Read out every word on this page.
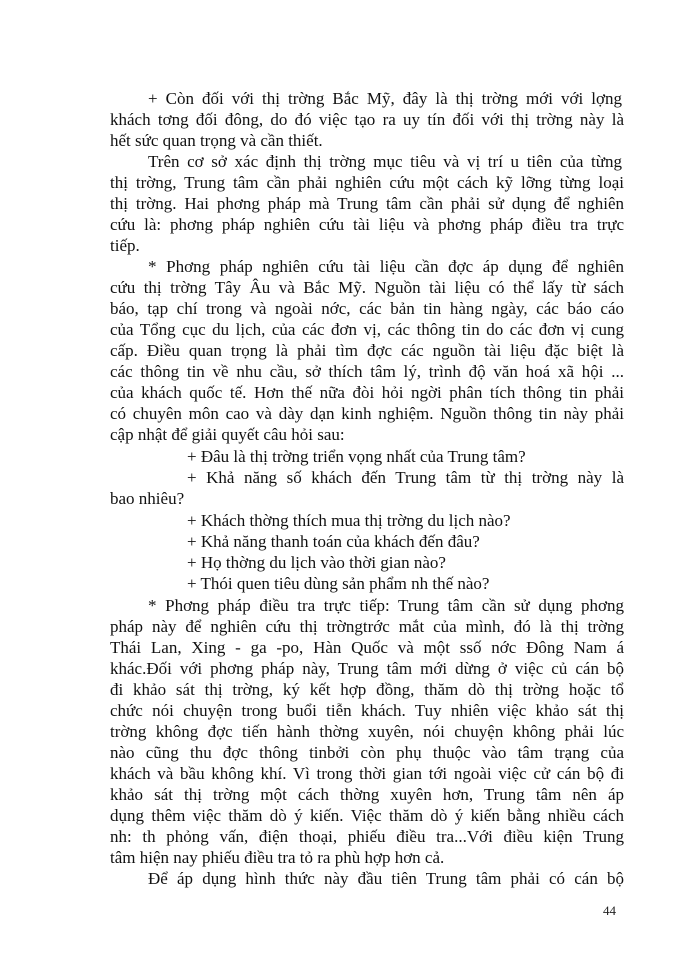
+ Còn đối với thị trờng Bắc Mỹ, đây là thị trờng mới với lợng
khách tơng đối đông, do đó việc tạo ra uy tín đối với thị trờng này là
hết sức quan trọng và cần thiết.
Trên cơ sở xác định thị trờng mục tiêu và vị trí u tiên của từng
thị trờng, Trung tâm cần phải nghiên cứu một cách kỹ lỡng từng loại
thị trờng. Hai phơng pháp mà Trung tâm cần phải sử dụng để nghiên
cứu là: phơng pháp nghiên cứu tài liệu và phơng pháp điều tra trực
tiếp.
* Phơng pháp nghiên cứu tài liệu cần đợc áp dụng để nghiên
cứu thị trờng Tây Âu và Bắc Mỹ. Nguồn tài liệu có thể lấy từ sách
báo, tạp chí trong và ngoài nớc, các bản tin hàng ngày, các báo cáo
của Tổng cục du lịch, của các đơn vị, các thông tin do các đơn vị cung
cấp. Điều quan trọng là phải tìm đợc các nguồn tài liệu đặc biệt là
các thông tin về nhu cầu, sở thích tâm lý, trình độ văn hoá xã hội ...
của khách quốc tế. Hơn thế nữa đòi hỏi ngời phân tích thông tin phải
có chuyên môn cao và dày dạn kinh nghiệm. Nguồn thông tin này phải
cập nhật để giải quyết câu hỏi sau:
+ Đâu là thị trờng triển vọng nhất của Trung tâm?
+ Khả năng số khách đến Trung tâm từ thị trờng này là
bao nhiêu?
+ Khách thờng thích mua thị trờng du lịch nào?
+ Khả năng thanh toán của khách đến đâu?
+ Họ thờng du lịch vào thời gian nào?
+ Thói quen tiêu dùng sản phẩm nh thế nào?
* Phơng pháp điều tra trực tiếp: Trung tâm cần sử dụng phơng
pháp này để nghiên cứu thị trờngtrớc mắt của mình, đó là thị trờng
Thái Lan, Xing - ga -po, Hàn Quốc và một ssố nớc Đông Nam á
khác.Đối với phơng pháp này, Trung tâm mới dừng ở việc củ cán bộ
đi khảo sát thị trờng, ký kết hợp đồng, thăm dò thị trờng hoặc tổ
chức nói chuyện trong buổi tiễn khách. Tuy nhiên việc khảo sát thị
trờng không đợc tiến hành thờng xuyên, nói chuyện không phải lúc
nào cũng thu đợc thông tinbởi còn phụ thuộc vào tâm trạng của
khách và bầu không khí. Vì trong thời gian tới ngoài việc cử cán bộ đi
khảo sát thị trờng một cách thờng xuyên hơn, Trung tâm nên áp
dụng thêm việc thăm dò ý kiến. Việc thăm dò ý kiến bằng nhiều cách
nh: th phỏng vấn, điện thoại, phiếu điều tra...Với điều kiện Trung
tâm hiện nay phiếu điều tra tỏ ra phù hợp hơn cả.
Để áp dụng hình thức này đầu tiên Trung tâm phải có cán bộ
44
